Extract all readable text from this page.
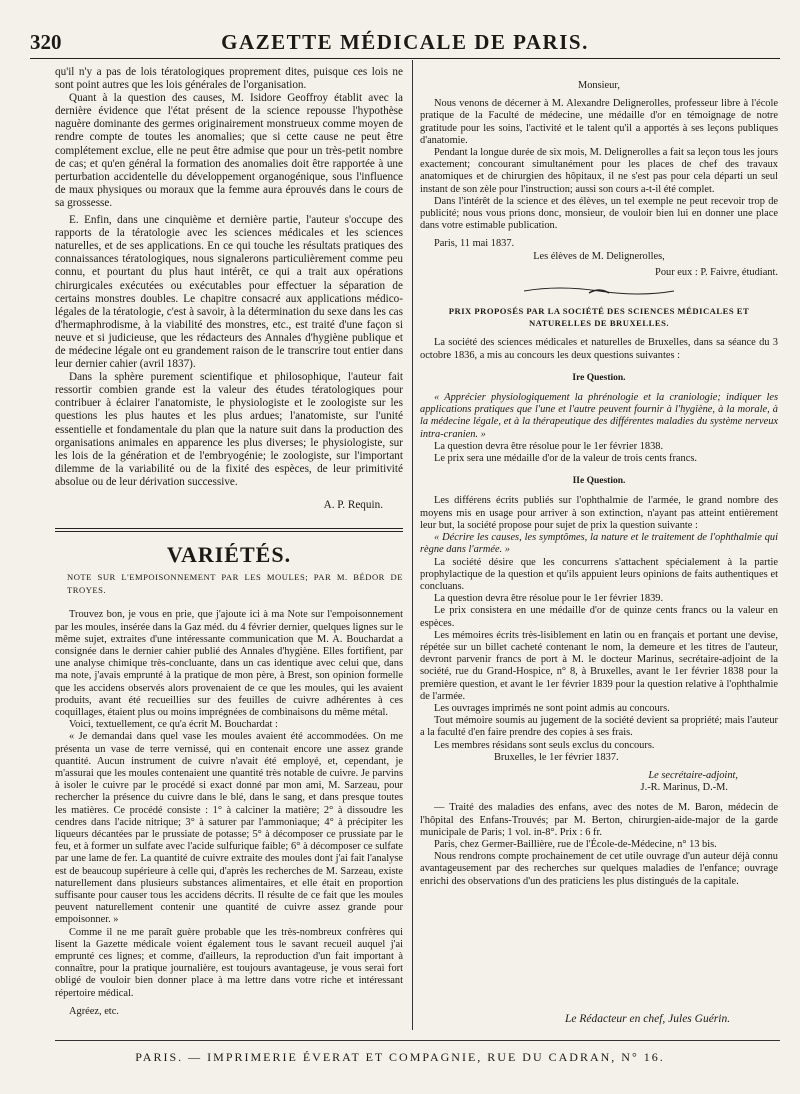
320	GAZETTE MÉDICALE DE PARIS.

qu'il n'y a pas de lois tératologiques proprement dites, puisque ces lois ne sont point autres que les lois générales de l'organisation.

Quant à la question des causes, M. Isidore Geoffroy établit avec la dernière évidence que l'état présent de la science repousse l'hypothèse naguère dominante des germes originairement monstrueux comme moyen de rendre compte de toutes les anomalies; que si cette cause ne peut être complétement exclue, elle ne peut être admise que pour un très-petit nombre de cas; et qu'en général la formation des anomalies doit être rapportée à une perturbation accidentelle du développement organogénique, sous l'influence de maux physiques ou moraux que la femme aura éprouvés dans le cours de sa grossesse.

E. Enfin, dans une cinquième et dernière partie, l'auteur s'occupe des rapports de la tératologie avec les sciences médicales et les sciences naturelles, et de ses applications. En ce qui touche les résultats pratiques des connaissances tératologiques, nous signalerons particulièrement comme peu connu, et pourtant du plus haut intérêt, ce qui a trait aux opérations chirurgicales exécutées ou exécutables pour effectuer la séparation de certains monstres doubles. Le chapitre consacré aux applications médico-légales de la tératologie, c'est à savoir, à la détermination du sexe dans les cas d'hermaphrodisme, à la viabilité des monstres, etc., est traité d'une façon si neuve et si judicieuse, que les rédacteurs des Annales d'hygiène publique et de médecine légale ont eu grandement raison de le transcrire tout entier dans leur dernier cahier (avril 1837).

Dans la sphère purement scientifique et philosophique, l'auteur fait ressortir combien grande est la valeur des études tératologiques pour contribuer à éclairer l'anatomiste, le physiologiste et le zoologiste sur les questions les plus hautes et les plus ardues; l'anatomiste, sur l'unité essentielle et fondamentale du plan que la nature suit dans la production des organisations animales en apparence les plus diverses; le physiologiste, sur les lois de la génération et de l'embryogénie; le zoologiste, sur l'important dilemme de la variabilité ou de la fixité des espèces, de leur primitivité absolue ou de leur dérivation successive.

A. P. Requin.
VARIÉTÉS.

NOTE SUR L'EMPOISONNEMENT PAR LES MOULES; PAR M. BÉDOR DE TROYES.

Trouvez bon, je vous en prie, que j'ajoute ici à ma Note sur l'empoisonnement par les moules, insérée dans la Gaz méd. du 4 février dernier, quelques lignes sur le même sujet, extraites d'une intéressante communication que M. A. Bouchardat a consignée dans le dernier cahier publié des Annales d'hygiène. Elles fortifient, par une analyse chimique très-concluante, dans un cas identique avec celui que, dans ma note, j'avais emprunté à la pratique de mon père, à Brest, son opinion formelle que les accidens observés alors provenaient de ce que les moules, qui les avaient produits, avant été recueillies sur des feuilles de cuivre adhérentes à ces coquillages, étaient plus ou moins imprégnées de combinaisons du même métal.

Voici, textuellement, ce qu'a écrit M. Bouchardat :

« Je demandai dans quel vase les moules avaient été accommodées. On me présenta un vase de terre vernissé, qui en contenait encore une assez grande quantité. Aucun instrument de cuivre n'avait été employé, et, cependant, je m'assurai que les moules contenaient une quantité très notable de cuivre. Je parvins à isoler le cuivre par le procédé si exact donné par mon ami, M. Sarzeau, pour rechercher la présence du cuivre dans le blé, dans le sang, et dans presque toutes les matières. Ce procédé consiste : 1° à calciner la matière; 2° à dissoudre les cendres dans l'acide nitrique; 3° à saturer par l'ammoniaque; 4° à précipiter les liqueurs décantées par le prussiate de potasse; 5° à décomposer ce prussiate par le feu, et à former un sulfate avec l'acide sulfurique faible; 6° à décomposer ce sulfate par une lame de fer. La quantité de cuivre extraite des moules dont j'ai fait l'analyse est de beaucoup supérieure à celle qui, d'après les recherches de M. Sarzeau, existe naturellement dans plusieurs substances alimentaires, et elle était en proportion suffisante pour causer tous les accidens décrits. Il résulte de ce fait que les moules peuvent naturellement contenir une quantité de cuivre assez grande pour empoisonner. »

Comme il ne me paraît guère probable que les très-nombreux confrères qui lisent la Gazette médicale voient également tous le savant recueil auquel j'ai emprunté ces lignes; et comme, d'ailleurs, la reproduction d'un fait important à connaître, pour la pratique journalière, est toujours avantageuse, je vous serai fort obligé de vouloir bien donner place à ma lettre dans votre riche et intéressant répertoire médical.

Agréez, etc.

Monsieur,

Nous venons de décerner à M. Alexandre Delignerolles, professeur libre à l'école pratique de la Faculté de médecine, une médaille d'or en témoignage de notre gratitude pour les soins, l'activité et le talent qu'il a apportés à ses leçons publiques d'anatomie.

Pendant la longue durée de six mois, M. Delignerolles a fait sa leçon tous les jours exactement; concourant simultanément pour les places de chef des travaux anatomiques et de chirurgien des hôpitaux, il ne s'est pas pour cela départi un seul instant de son zèle pour l'instruction; aussi son cours a-t-il été complet.

Dans l'intérêt de la science et des élèves, un tel exemple ne peut recevoir trop de publicité; nous vous prions donc, monsieur, de vouloir bien lui en donner une place dans votre estimable publication.

Paris, 11 mai 1837.

Les élèves de M. Delignerolles,

Pour eux : P. Faivre, étudiant.

PRIX PROPOSÉS PAR LA SOCIÉTÉ DES SCIENCES MÉDICALES ET NATURELLES DE BRUXELLES.

La société des sciences médicales et naturelles de Bruxelles, dans sa séance du 3 octobre 1836, a mis au concours les deux questions suivantes :

Ire Question.

« Apprécier physiologiquement la phrénologie et la craniologie; indiquer les applications pratiques que l'une et l'autre peuvent fournir à l'hygiène, à la morale, à la médecine légale, et à la thérapeutique des différentes maladies du système nerveux intra-cranien. »

La question devra être résolue pour le 1er février 1838.

Le prix sera une médaille d'or de la valeur de trois cents francs.

IIe Question.

Les différens écrits publiés sur l'ophthalmie de l'armée, le grand nombre des moyens mis en usage pour arriver à son extinction, n'ayant pas atteint entièrement leur but, la société propose pour sujet de prix la question suivante :

« Décrire les causes, les symptômes, la nature et le traitement de l'ophthalmie qui règne dans l'armée. »

La société désire que les concurrens s'attachent spécialement à la partie prophylactique de la question et qu'ils appuient leurs opinions de faits authentiques et concluans.

La question devra être résolue pour le 1er février 1839.

Le prix consistera en une médaille d'or de quinze cents francs ou la valeur en espèces.

Les mémoires écrits très-lisiblement en latin ou en français et portant une devise, répétée sur un billet cacheté contenant le nom, la demeure et les titres de l'auteur, devront parvenir francs de port à M. le docteur Marinus, secrétaire-adjoint de la société, rue du Grand-Hospice, n° 8, à Bruxelles, avant le 1er février 1838 pour la première question, et avant le 1er février 1839 pour la question relative à l'ophthalmie de l'armée.

Les ouvrages imprimés ne sont point admis au concours.

Tout mémoire soumis au jugement de la société devient sa propriété; mais l'auteur a la faculté d'en faire prendre des copies à ses frais.

Les membres résidans sont seuls exclus du concours.

Bruxelles, le 1er février 1837.

Le secrétaire-adjoint,

J.-R. Marinus, D.-M.

— Traité des maladies des enfans, avec des notes de M. Baron, médecin de l'hôpital des Enfans-Trouvés; par M. Berton, chirurgien-aide-major de la garde municipale de Paris; 1 vol. in-8°. Prix : 6 fr.

Paris, chez Germer-Baillière, rue de l'École-de-Médecine, n° 13 bis.

Nous rendrons compte prochainement de cet utile ouvrage d'un auteur déjà connu avantageusement par des recherches sur quelques maladies de l'enfance; ouvrage enrichi des observations d'un des praticiens les plus distingués de la capitale.

Le Rédacteur en chef, Jules Guérin.
PARIS. — IMPRIMERIE ÉVERAT ET COMPAGNIE, RUE DU CADRAN, N° 16.
